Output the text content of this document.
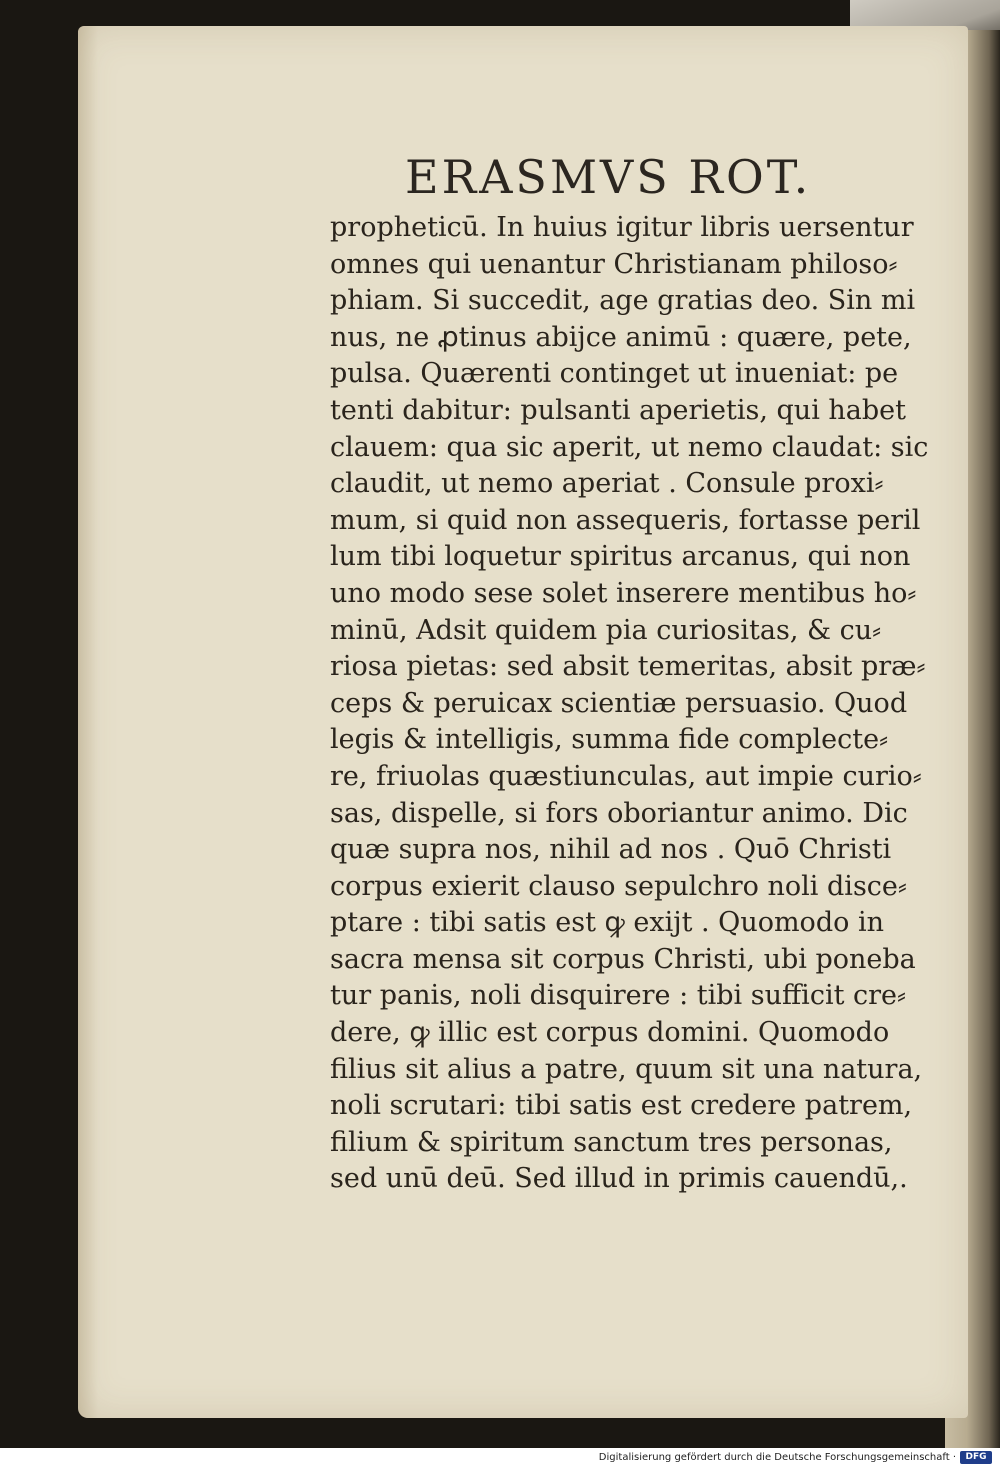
ERASMVS ROT.
propheticū. In huius igitur libris uersentur
omnes qui uenantur Christianam philoso⸗
phiam. Si succedit, age gratias deo. Sin mi
nus, ne ꝓtinus abijce animū : quære, pete,
pulsa. Quærenti continget ut inueniat: pe
tenti dabitur: pulsanti aperietis, qui habet
clauem: qua sic aperit, ut nemo claudat: sic
claudit, ut nemo aperiat . Consule proxi⸗
mum, si quid non assequeris, fortasse peril
lum tibi loquetur spiritus arcanus, qui non
uno modo sese solet inserere mentibus ho⸗
minū, Adsit quidem pia curiositas, & cu⸗
riosa pietas: sed absit temeritas, absit præ⸗
ceps & peruicax scientiæ persuasio. Quod
legis & intelligis, summa fide complecte⸗
re, friuolas quæstiunculas, aut impie curio⸗
sas, dispelle, si fors oboriantur animo. Dic
quæ supra nos, nihil ad nos . Quō Christi
corpus exierit clauso sepulchro noli disce⸗
ptare : tibi satis est ꝙ exijt . Quomodo in
sacra mensa sit corpus Christi, ubi poneba
tur panis, noli disquirere : tibi sufficit cre⸗
dere, ꝙ illic est corpus domini. Quomodo
filius sit alius a patre, quum sit una natura,
noli scrutari: tibi satis est credere patrem,
filium & spiritum sanctum tres personas,
sed unū deū. Sed illud in primis cauendū,.
Digitalisierung gefördert durch die Deutsche Forschungsgemeinschaft ·	DFG
